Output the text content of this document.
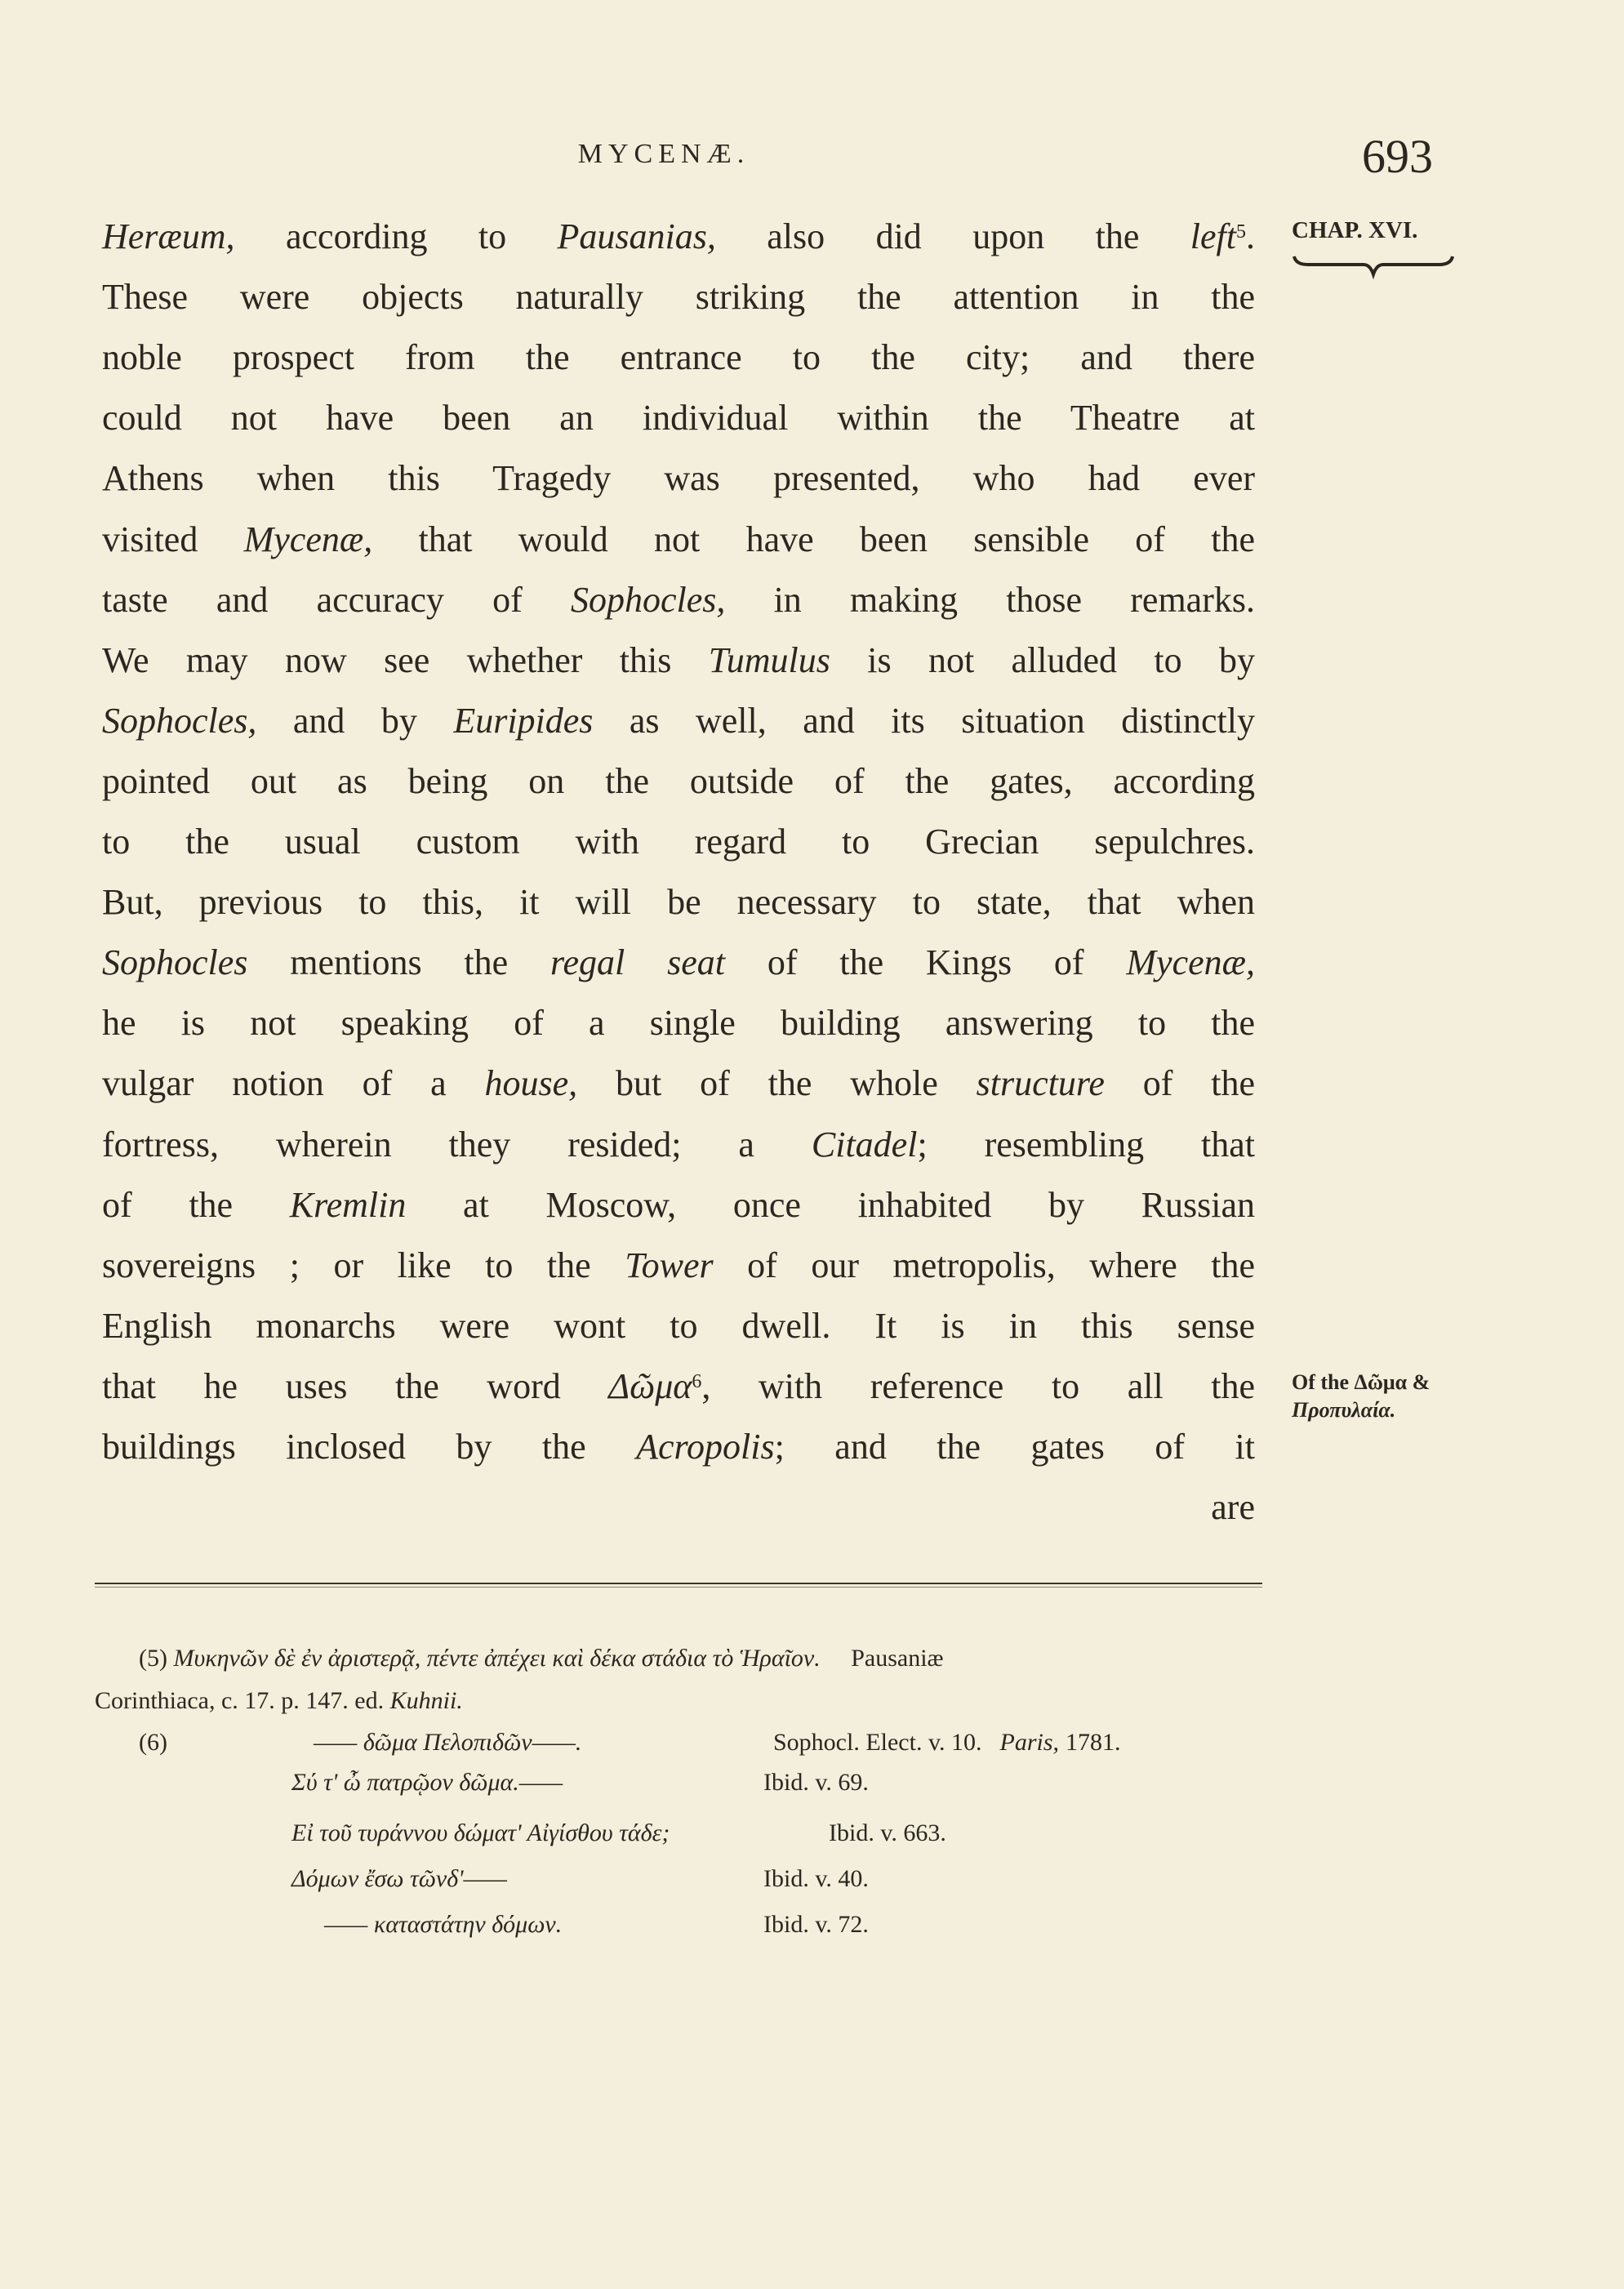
MYCENÆ.	693
CHAP. XVI.
Heræum, according to Pausanias, also did upon the left$^5$.
These were objects naturally striking the attention in the
noble prospect from the entrance to the city; and there
could not have been an individual within the Theatre at
Athens when this Tragedy was presented, who had ever
visited Mycenæ, that would not have been sensible of the
taste and accuracy of Sophocles, in making those remarks.
We may now see whether this Tumulus is not alluded to by
Sophocles, and by Euripides as well, and its situation distinctly
pointed out as being on the outside of the gates, according
to the usual custom with regard to Grecian sepulchres.
But, previous to this, it will be necessary to state, that when
Sophocles mentions the regal seat of the Kings of Mycenæ,
he is not speaking of a single building answering to the
vulgar notion of a house, but of the whole structure of the
fortress, wherein they resided; a Citadel; resembling that
of the Kremlin at Moscow, once inhabited by Russian
sovereigns ; or like to the Tower of our metropolis, where the
English monarchs were wont to dwell. It is in this sense
that he uses the word Δῶμα$^6$, with reference to all the
buildings inclosed by the Acropolis; and the gates of it
are
Of the Δῶμα &
Προπυλαία.
(5) Μυκηνῶν δὲ ἐν ἀριστερᾷ, πέντε ἀπέχει καὶ δέκα στάδια τὸ Ἡραῖον. Pausaniæ
Corinthiaca, c. 17. p. 147. ed. Kuhnii.
(6)	—— δῶμα Πελοπιδῶν——.	Sophocl. Elect. v. 10. Paris, 1781.
Σύ τ' ὦ πατρῷον δῶμα.——	Ibid. v. 69.
Εἰ τοῦ τυράννου δώματ' Αἰγίσθου τάδε;	Ibid. v. 663.
Δόμων ἔσω τῶνδ'——	Ibid. v. 40.
—— καταστάτην δόμων.	Ibid. v. 72.
